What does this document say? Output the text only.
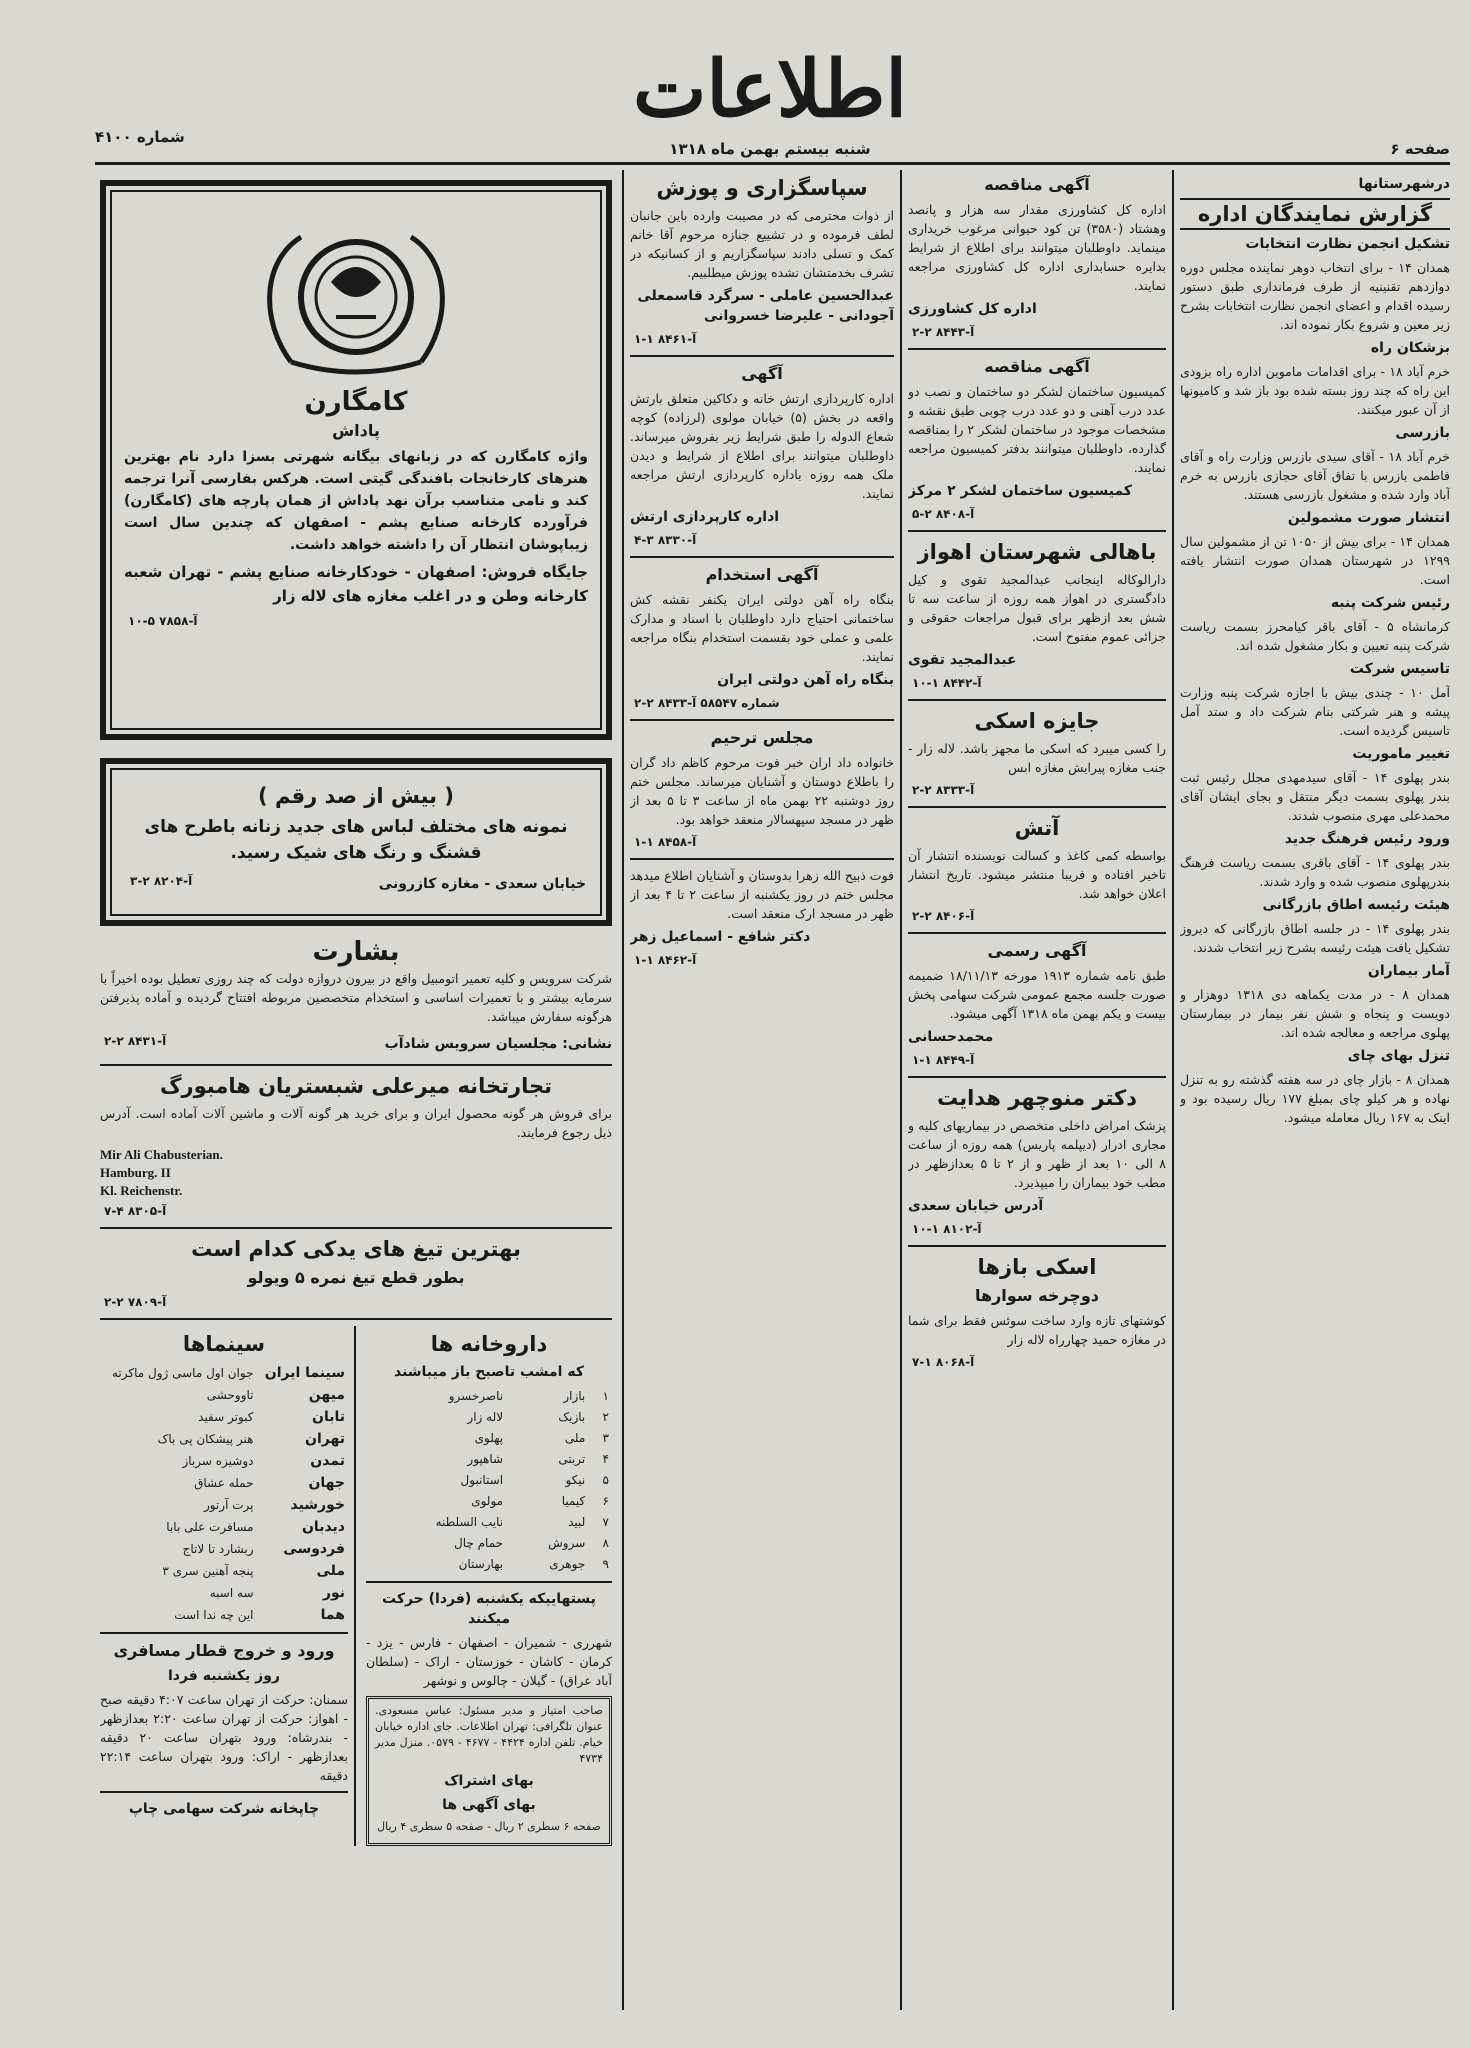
اطلاعات
صفحه ۶
شنبه بیستم بهمن ماه ۱۳۱۸
شماره ۴۱۰۰
درشهرستانها
گزارش نمایندگان اداره
تشکیل انجمن نظارت انتخابات

همدان ۱۴ - برای انتخاب دوهر نماینده مجلس دوره دوازدهم تقنینیه از طرف فرمانداری طبق دستور رسیده اقدام و اعضای انجمن نظارت انتخابات بشرح زیر معین و شروع بکار نموده اند.

بزشکان راه

خرم آباد ۱۸ - برای اقدامات ماموین اداره راه بزودی این راه که چند روز بسته شده بود باز شد و کامیونها از آن عبور میکنند.

بازرسی

خرم آباد ۱۸ - آقای سیدی بازرس وزارت راه و آقای فاطمی بازرس با تفاق آقای حجازی بازرس به خرم آباد وارد شده و مشغول بازرسی هستند.

انتشار صورت مشمولین

همدان ۱۴ - برای بیش از ۱۰۵۰ تن از مشمولین سال ۱۲۹۹ در شهرستان همدان صورت انتشار یافته است.

رئیس شرکت پنبه

کرمانشاه ۵ - آقای باقر کیامحرز بسمت ریاست شرکت پنبه تعیین و بکار مشغول شده اند.

تاسیس شرکت

آمل ۱۰ - چندی بیش با اجازه شرکت پنبه وزارت پیشه و هنر شرکتی بنام شرکت داد و ستد آمل تاسیس گردیده است.

تغییر ماموریت

بندر پهلوی ۱۴ - آقای سیدمهدی مجلل رئیس ثبت بندر پهلوی بسمت دیگر منتقل و بجای ایشان آقای محمدعلی مهری منصوب شدند.

ورود رئیس فرهنگ جدید

بندر پهلوی ۱۴ - آقای باقری بسمت ریاست فرهنگ بندرپهلوی منصوب شده و وارد شدند.

هیئت رئیسه اطاق بازرگانی

بندر پهلوی ۱۴ - در جلسه اطاق بازرگانی که دیروز تشکیل یافت هیئت رئیسه بشرح زیر انتخاب شدند.

آمار بیماران

همدان ۸ - در مدت یکماهه دی ۱۳۱۸ دوهزار و دویست و پنجاه و شش نفر بیمار در بیمارستان پهلوی مراجعه و معالجه شده اند.

تنزل بهای چای

همدان ۸ - بازار چای در سه هفته گذشته رو به تنزل نهاده و هر کیلو چای بمبلغ ۱۷۷ ریال رسیده بود و اینک به ۱۶۷ ریال معامله میشود.

آگهی مناقصه

اداره کل کشاورزی مقدار سه هزار و پانصد وهشتاد (۳۵۸۰) تن کود حیوانی مرغوب خریداری مینماید. داوطلبان میتوانند برای اطلاع از شرایط بدایره حسابداری اداره کل کشاورزی مراجعه نمایند.

اداره کل کشاورزی
آ-۸۴۴۳ ۲-۲
آگهی مناقصه

کمیسیون ساختمان لشکر دو ساختمان و نصب دو عدد درب آهنی و دو عدد درب چوبی طبق نقشه و مشخصات موجود در ساختمان لشکر ۲ را بمناقصه گذارده، داوطلبان میتوانند بدفتر کمیسیون مراجعه نمایند.

کمیسیون ساختمان لشکر ۲ مرکز
آ-۸۴۰۸ ۲-۵
باهالی شهرستان اهواز

دارالوکاله اینجانب عبدالمجید تقوی و کیل دادگستری در اهواز همه روزه از ساعت سه تا شش بعد ازظهر برای قبول مراجعات حقوقی و جزائی عموم مفتوح است.

عبدالمجید تقوی
آ-۸۴۴۲ ۱-۱۰
جایزه اسکی

را کسی میبرد که اسکی ما مجهز باشد. لاله زار - جنب مغازه پیرایش مغازه ابس

آ-۸۳۳۳ ۲-۲
آتش

بواسطه کمی کاغذ و کسالت نویسنده انتشار آن تاخیر افتاده و فریبا منتشر میشود. تاریخ انتشار اعلان خواهد شد.

آ-۸۴۰۶ ۲-۲
آگهی رسمی

طبق نامه شماره ۱۹۱۳ مورخه ۱۸/۱۱/۱۳ ضمیمه صورت جلسه مجمع عمومی شرکت سهامی پخش بیست و یکم بهمن ماه ۱۳۱۸ آگهی میشود.

محمدحسانی
آ-۸۴۴۹ ۱-۱
دکتر منوچهر هدایت

پزشک امراض داخلی متخصص در بیماریهای کلیه و مجاری ادرار (دیپلمه پاریس) همه روزه از ساعت ۸ الی ۱۰ بعد از ظهر و از ۲ تا ۵ بعدازظهر در مطب خود بیماران را میپذیرد.

آدرس خیابان سعدی
آ-۸۱۰۲ ۱-۱۰
اسکی بازها
دوچرخه سوارها

کوشتهای تازه وارد ساخت سوئس فقط برای شما در مغازه حمید چهارراه لاله زار

آ-۸۰۶۸ ۱-۷
سپاسگزاری و پوزش

از ذوات محترمی که در مصیبت وارده باین جانبان لطف فرموده و در تشییع جنازه مرحوم آقا خانم کمک و تسلی دادند سپاسگزاریم و از کسانیکه در تشرف بخدمتشان نشده پوزش میطلبیم.

عبدالحسین عاملی - سرگرد قاسمعلی آجودانی - علیرضا خسروانی
آ-۸۴۶۱ ۱-۱
آگهی

اداره کارپردازی ارتش خانه و دکاکین متعلق بارتش واقعه در بخش (۵) خیابان مولوی (لرزاده) کوچه شعاع الدوله را طبق شرایط زیر بفروش میرساند. داوطلبان میتوانند برای اطلاع از شرایط و دیدن ملک همه روزه باداره کارپردازی ارتش مراجعه نمایند.

اداره کارپردازی ارتش
آ-۸۳۳۰ ۳-۴
آگهی استخدام

بنگاه راه آهن دولتی ایران یکنفر نقشه کش ساختمانی احتیاج دارد داوطلبان با اسناد و مدارک علمی و عملی خود بقسمت استخدام بنگاه مراجعه نمایند.

بنگاه راه آهن دولتی ایران
شماره ۵۸۵۴۷ آ-۸۴۳۳ ۲-۲
مجلس ترحیم

خانواده داد اران خبر فوت مرحوم کاظم داد گران را باطلاع دوستان و آشنایان میرساند. مجلس ختم روز دوشنبه ۲۲ بهمن ماه از ساعت ۳ تا ۵ بعد از ظهر در مسجد سپهسالار منعقد خواهد بود.

آ-۸۴۵۸ ۱-۱

فوت ذبیح الله زهرا بدوستان و آشنایان اطلاع میدهد مجلس ختم در روز یکشنبه از ساعت ۲ تا ۴ بعد از ظهر در مسجد ارک منعقد است.

دکتر شافع - اسماعیل زهر
آ-۸۴۶۲ ۱-۱
کامگارن
پاداش

واژه کامگارن که در زبانهای بیگانه شهرتی بسزا دارد نام بهترین هنرهای کارخانجات بافندگی گیتی است. هرکس بفارسی آنرا ترجمه کند و نامی متناسب برآن نهد پاداش از همان پارچه های (کامگارن) فرآورده کارخانه صنایع پشم - اصفهان که چندین سال است زیباپوشان انتظار آن را داشته خواهد داشت.

جایگاه فروش: اصفهان - خودکارخانه صنایع پشم - تهران شعبه کارخانه وطن و در اغلب مغازه های لاله زار

آ-۷۸۵۸ ۵-۱۰
( بیش از صد رقم )

نمونه های مختلف لباس های جدید زنانه باطرح های قشنگ و رنگ های شیک رسید.

خیابان سعدی - مغازه کازرونی
آ-۸۲۰۴ ۲-۳
بشارت

شرکت سرویس و کلیه تعمیر اتومبیل واقع در بیرون دروازه دولت که چند روزی تعطیل بوده اخیراً با سرمایه بیشتر و با تعمیرات اساسی و استخدام متخصصین مربوطه افتتاح گردیده و آماده پذیرفتن هرگونه سفارش میباشد.

نشانی: مجلسیان سرویس شادآب
آ-۸۴۳۱ ۲-۲
تجارتخانه میرعلی شبستریان هامبورگ

برای فروش هر گونه محصول ایران و برای خرید هر گونه آلات و ماشین آلات آماده است. آدرس ذیل رجوع فرمایند.

Mir Ali Chabusterian.
Hamburg. II
Kl. Reichenstr.
آ-۸۳۰۵ ۴-۷
بهترین تیغ های یدکی کدام است
بطور قطع تیغ نمره ۵ ویولو
آ-۷۸۰۹ ۲-۲
داروخانه ها
که امشب تاصبح باز میباشند
۱	بازار	ناصرخسرو
۲	بازیک	لاله زار
۳	ملی	پهلوی
۴	تربتی	شاهپور
۵	نیکو	استانبول
۶	کیمیا	مولوی
۷	لبید	نایب السلطنه
۸	سروش	حمام چال
۹	جوهری	بهارستان
پستهاییکه یکشنبه (فردا) حرکت میکنند

شهرری - شمیران - اصفهان - فارس - یزد - کرمان - کاشان - خوزستان - اراک - (سلطان آباد عراق) - گیلان - چالوس و نوشهر

صاحب امتیاز و مدیر مسئول: عباس مسعودی. عنوان تلگرافی: تهران اطلاعات. جای اداره خیابان خیام. تلفن اداره ۴۴۲۴ - ۴۶۷۷ - ۰۵۷۹. منزل مدیر ۴۷۳۴

بهای اشتراک
بهای آگهی ها

صفحه ۶ سطری ۲ ریال - صفحه ۵ سطری ۴ ریال

سینماها
سینما ایران	جوان اول ماسی ژول ماکرته
میهن	تاووحشی
تابان	کبوتر سفید
تهران	هنر پیشکان پی باک
تمدن	دوشیزه سرباز
جهان	حمله عشاق
خورشید	پرت آرتور
دیدبان	مسافرت علی بابا
فردوسی	ربشارد تا لاتاج
ملی	پنجه آهنین سری ۳
نور	سه اسبه
هما	این چه ندا است
ورود و خروج قطار مسافری
روز یکشنبه فردا

سمنان: حرکت از تهران ساعت ۴:۰۷ دقیقه صبح - اهواز: حرکت از تهران ساعت ۲:۲۰ بعدازظهر - بندرشاه: ورود بتهران ساعت ۲۰ دقیقه بعدازظهر - اراک: ورود بتهران ساعت ۲۲:۱۴ دقیقه

چاپخانه شرکت سهامی چاپ
